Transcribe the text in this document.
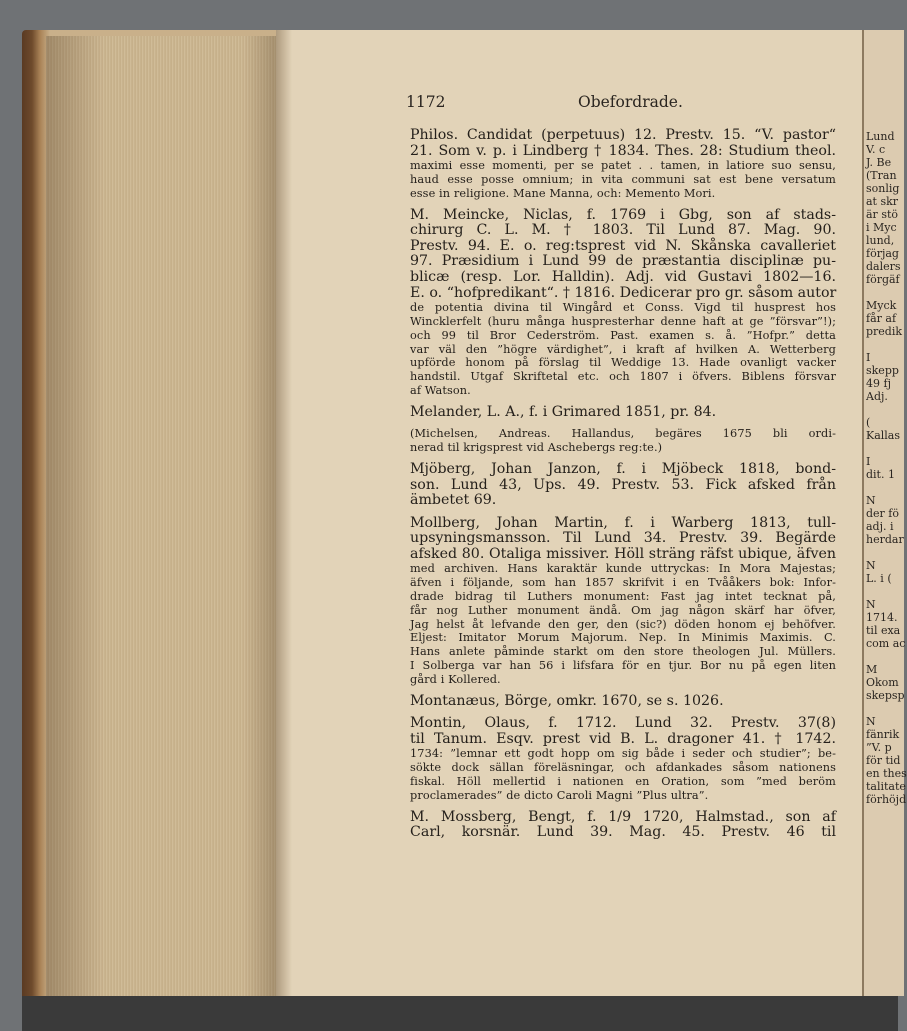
1172	Obefordrade.
Philos. Candidat (perpetuus) 12. Prestv. 15. “V. pastor“
21. Som v. p. i Lindberg † 1834. Thes. 28: Studium theol.
maximi esse momenti, per se patet . . tamen, in latiore suo sensu,
haud esse posse omnium; in vita communi sat est bene versatum
esse in religione. Mane Manna, och: Memento Mori.
M. Meincke, Niclas, f. 1769 i Gbg, son af stads-
chirurg C. L. M. † 1803. Til Lund 87. Mag. 90.
Prestv. 94. E. o. reg:tsprest vid N. Skånska cavalleriet
97. Præsidium i Lund 99 de præstantia disciplinæ pu-
blicæ (resp. Lor. Halldin). Adj. vid Gustavi 1802—16.
E. o. “hofpredikant“. † 1816. Dedicerar pro gr. såsom autor
de potentia divina til Wingård et Conss. Vigd til husprest hos
Wincklerfelt (huru många huspresterhar denne haft at ge ”försvar”!);
och 99 til Bror Cederström. Past. examen s. å. ”Hofpr.” detta
var väl den ”högre värdighet”, i kraft af hvilken A. Wetterberg
upförde honom på förslag til Weddige 13. Hade ovanligt vacker
handstil. Utgaf Skriftetal etc. och 1807 i öfvers. Biblens försvar
af Watson.
Melander, L. A., f. i Grimared 1851, pr. 84.
(Michelsen, Andreas. Hallandus, begäres 1675 bli ordi-
nerad til krigsprest vid Aschebergs reg:te.)
Mjöberg, Johan Janzon, f. i Mjöbeck 1818, bond-
son. Lund 43, Ups. 49. Prestv. 53. Fick afsked från
ämbetet 69.
Mollberg, Johan Martin, f. i Warberg 1813, tull-
upsyningsmansson. Til Lund 34. Prestv. 39. Begärde
afsked 80. Otaliga missiver. Höll sträng räfst ubique, äfven
med archiven. Hans karaktär kunde uttryckas: In Mora Majestas;
äfven i följande, som han 1857 skrifvit i en Tvååkers bok: Infor-
drade bidrag til Luthers monument: Fast jag intet tecknat på,
får nog Luther monument ändå. Om jag någon skärf har öfver,
Jag helst åt lefvande den ger, den (sic?) döden honom ej behöfver.
Eljest: Imitator Morum Majorum. Nep. In Minimis Maximis. C.
Hans anlete påminde starkt om den store theologen Jul. Müllers.
I Solberga var han 56 i lifsfara för en tjur. Bor nu på egen liten
gård i Kollered.
Montanæus, Börge, omkr. 1670, se s. 1026.
Montin, Olaus, f. 1712. Lund 32. Prestv. 37(8)
til Tanum. Esqv. prest vid B. L. dragoner 41. † 1742.
1734: ”lemnar ett godt hopp om sig både i seder och studier”; be-
sökte dock sällan föreläsningar, och afdankades såsom nationens
fiskal. Höll mellertid i nationen en Oration, som ”med beröm
proclamerades” de dicto Caroli Magni ”Plus ultra”.
M. Mossberg, Bengt, f. 1/9 1720, Halmstad., son af
Carl, korsnär. Lund 39. Mag. 45. Prestv. 46 til
Lund
V. c
J. Be
(Tran
sonlig
at skr
är stö
i Myc
lund,
förjag
dalers
förgäf
Myck
får af
predik
I
skepp
49 fj
Adj.
(
Kallas
I
dit. 1
N
der fö
adj. i
herdar
N
L. i (
N
1714.
til exa
com ac
M
Okom
skepsp
N
fänrik
”V. p
för tid
en thes
talitate
förhöjd
